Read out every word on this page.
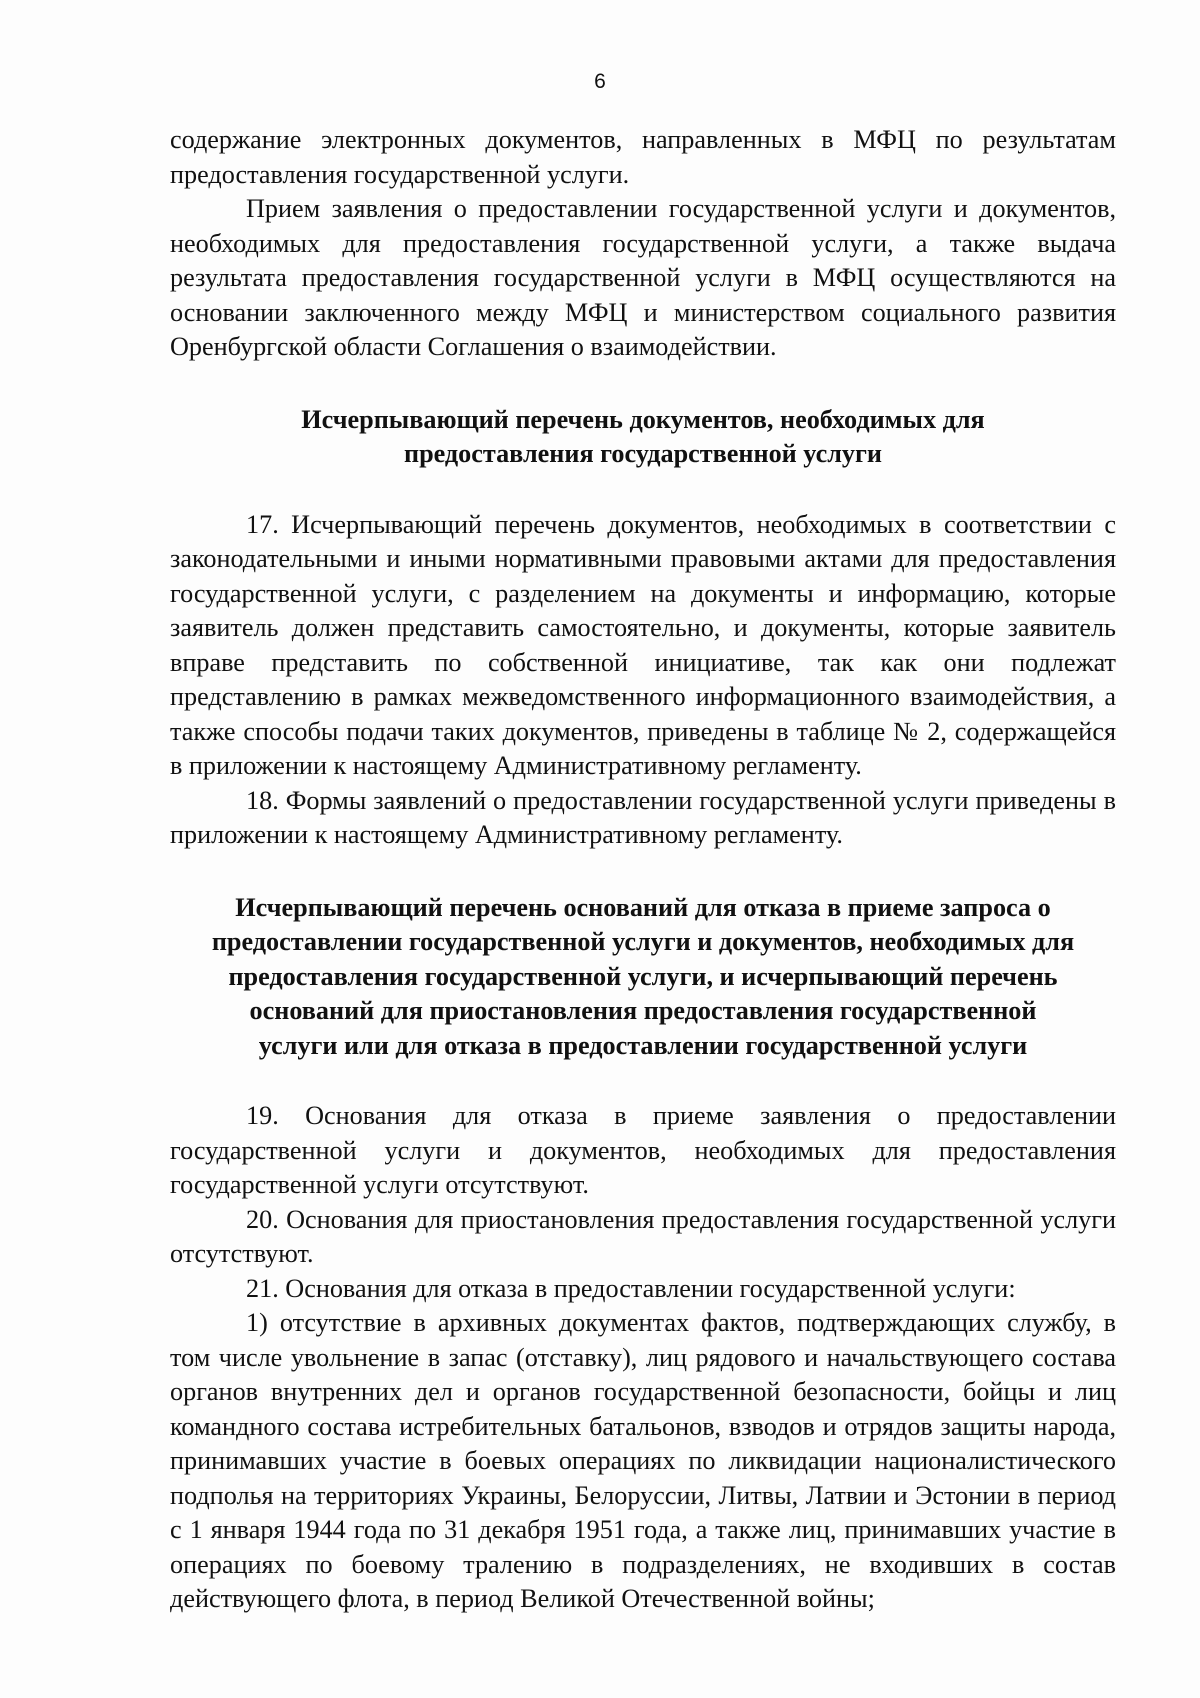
6

содержание электронных документов, направленных в МФЦ по результатам предоставления государственной услуги.

Прием заявления о предоставлении государственной услуги и документов, необходимых для предоставления государственной услуги, а также выдача результата предоставления государственной услуги в МФЦ осуществляются на основании заключенного между МФЦ и министерством социального развития Оренбургской области Соглашения о взаимодействии.

Исчерпывающий перечень документов, необходимых для
предоставления государственной услуги

17. Исчерпывающий перечень документов, необходимых в соответствии с законодательными и иными нормативными правовыми актами для предоставления государственной услуги, с разделением на документы и информацию, которые заявитель должен представить самостоятельно, и документы, которые заявитель вправе представить по собственной инициативе, так как они подлежат представлению в рамках межведомственного информационного взаимодействия, а также способы подачи таких документов, приведены в таблице № 2, содержащейся в приложении к настоящему Административному регламенту.

18. Формы заявлений о предоставлении государственной услуги приведены в приложении к настоящему Административному регламенту.

Исчерпывающий перечень оснований для отказа в приеме запроса о
предоставлении государственной услуги и документов, необходимых для
предоставления государственной услуги, и исчерпывающий перечень
оснований для приостановления предоставления государственной
услуги или для отказа в предоставлении государственной услуги

19. Основания для отказа в приеме заявления о предоставлении государственной услуги и документов, необходимых для предоставления государственной услуги отсутствуют.

20. Основания для приостановления предоставления государственной услуги отсутствуют.

21. Основания для отказа в предоставлении государственной услуги:

1) отсутствие в архивных документах фактов, подтверждающих службу, в том числе увольнение в запас (отставку), лиц рядового и начальствующего состава органов внутренних дел и органов государственной безопасности, бойцы и лиц командного состава истребительных батальонов, взводов и отрядов защиты народа, принимавших участие в боевых операциях по ликвидации националистического подполья на территориях Украины, Белоруссии, Литвы, Латвии и Эстонии в период с 1 января 1944 года по 31 декабря 1951 года, а также лиц, принимавших участие в операциях по боевому тралению в подразделениях, не входивших в состав действующего флота, в период Великой Отечественной войны;
